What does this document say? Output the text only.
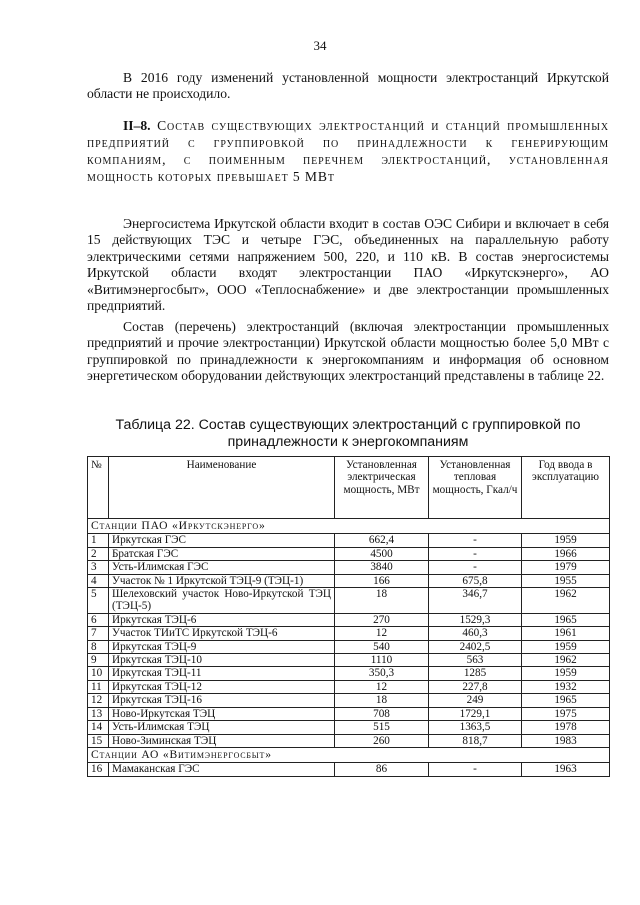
34

В 2016 году изменений установленной мощности электростанций Иркутской области не происходило.

II–8. Состав существующих электростанций и станций промышленных предприятий с группировкой по принадлежности к генерирующим компаниям, с поименным перечнем электростанций, установленная мощность которых превышает 5 МВт

Энергосистема Иркутской области входит в состав ОЭС Сибири и включает в себя 15 действующих ТЭС и четыре ГЭС, объединенных на параллельную работу электрическими сетями напряжением 500, 220, и 110 кВ. В состав энергосистемы Иркутской области входят электростанции ПАО «Иркутскэнерго», АО «Витимэнергосбыт», ООО «Теплоснабжение» и две электростанции промышленных предприятий.

Состав (перечень) электростанций (включая электростанции промышленных предприятий и прочие электростанции) Иркутской области мощностью более 5,0 МВт с группировкой по принадлежности к энергокомпаниям и информация об основном энергетическом оборудовании действующих электростанций представлены в таблице 22.

Таблица 22. Состав существующих электростанций с группировкой по принадлежности к энергокомпаниям

№	Наименование	Установленная электрическая мощность, МВт	Установленная тепловая мощность, Гкал/ч	Год ввода в эксплуатацию
Станции ПАО «Иркутскэнерго»				
1	Иркутская ГЭС	662,4	-	1959
2	Братская ГЭС	4500	-	1966
3	Усть-Илимская ГЭС	3840	-	1979
4	Участок № 1 Иркутской ТЭЦ-9 (ТЭЦ-1)	166	675,8	1955
5	Шелеховский участок Ново-Иркутской ТЭЦ (ТЭЦ-5)	18	346,7	1962
6	Иркутская ТЭЦ-6	270	1529,3	1965
7	Участок ТИиТС Иркутской ТЭЦ-6	12	460,3	1961
8	Иркутская ТЭЦ-9	540	2402,5	1959
9	Иркутская ТЭЦ-10	1110	563	1962
10	Иркутская ТЭЦ-11	350,3	1285	1959
11	Иркутская ТЭЦ-12	12	227,8	1932
12	Иркутская ТЭЦ-16	18	249	1965
13	Ново-Иркутская ТЭЦ	708	1729,1	1975
14	Усть-Илимская ТЭЦ	515	1363,5	1978
15	Ново-Зиминская ТЭЦ	260	818,7	1983
Станции АО «Витимэнергосбыт»				
16	Мамаканская ГЭС	86	-	1963
